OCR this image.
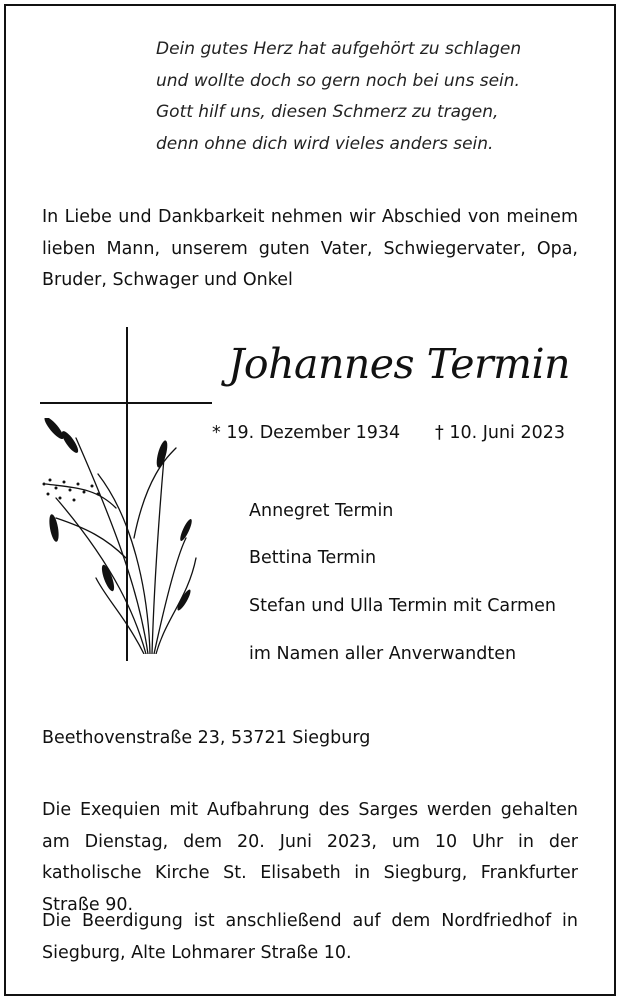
Dein gutes Herz hat aufgehört zu schlagen
und wollte doch so gern noch bei uns sein.
Gott hilf uns, diesen Schmerz zu tragen,
denn ohne dich wird vieles anders sein.
In Liebe und Dankbarkeit nehmen wir Abschied von meinem lieben Mann, unserem guten Vater, Schwiegervater, Opa, Bruder, Schwager und Onkel
Johannes Termin
* 19. Dezember 1934 † 10. Juni 2023
Annegret Termin
Bettina Termin
Stefan und Ulla Termin mit Carmen
im Namen aller Anverwandten
Beethovenstraße 23, 53721 Siegburg
Die Exequien mit Aufbahrung des Sarges werden gehalten am Dienstag, dem 20. Juni 2023, um 10 Uhr in der katholische Kirche St. Elisabeth in Siegburg, Frankfurter Straße 90.
Die Beerdigung ist anschließend auf dem Nordfriedhof in Siegburg, Alte Lohmarer Straße 10.
